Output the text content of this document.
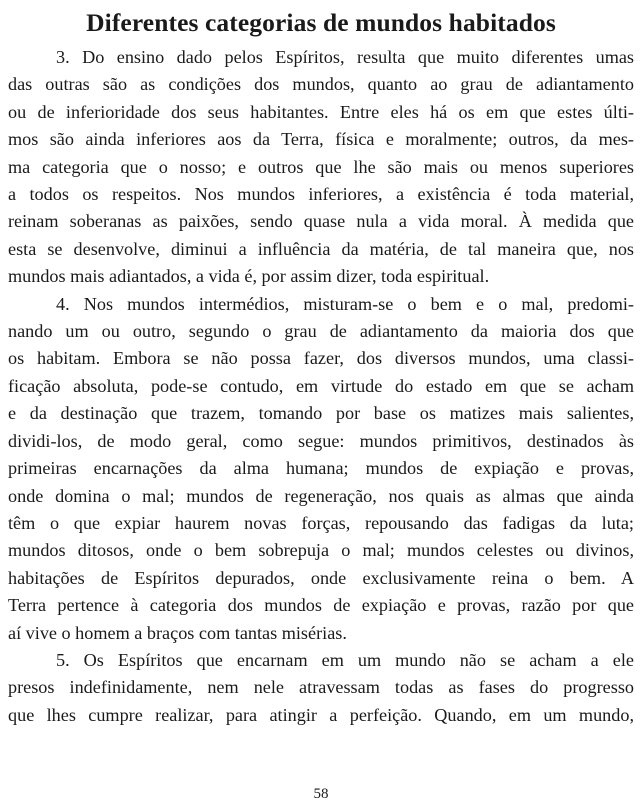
Diferentes categorias de mundos habitados

3. Do ensino dado pelos Espíritos, resulta que muito diferentes umas
das outras são as condições dos mundos, quanto ao grau de adiantamento
ou de inferioridade dos seus habitantes. Entre eles há os em que estes últi-
mos são ainda inferiores aos da Terra, física e moralmente; outros, da mes-
ma categoria que o nosso; e outros que lhe são mais ou menos superiores
a todos os respeitos. Nos mundos inferiores, a existência é toda material,
reinam soberanas as paixões, sendo quase nula a vida moral. À medida que
esta se desenvolve, diminui a influência da matéria, de tal maneira que, nos
mundos mais adiantados, a vida é, por assim dizer, toda espiritual.

4. Nos mundos intermédios, misturam-se o bem e o mal, predomi-
nando um ou outro, segundo o grau de adiantamento da maioria dos que
os habitam. Embora se não possa fazer, dos diversos mundos, uma classi-
ficação absoluta, pode-se contudo, em virtude do estado em que se acham
e da destinação que trazem, tomando por base os matizes mais salientes,
dividi-los, de modo geral, como segue: mundos primitivos, destinados às
primeiras encarnações da alma humana; mundos de expiação e provas,
onde domina o mal; mundos de regeneração, nos quais as almas que ainda
têm o que expiar haurem novas forças, repousando das fadigas da luta;
mundos ditosos, onde o bem sobrepuja o mal; mundos celestes ou divinos,
habitações de Espíritos depurados, onde exclusivamente reina o bem. A
Terra pertence à categoria dos mundos de expiação e provas, razão por que
aí vive o homem a braços com tantas misérias.

5. Os Espíritos que encarnam em um mundo não se acham a ele
presos indefinidamente, nem nele atravessam todas as fases do progresso
que lhes cumpre realizar, para atingir a perfeição. Quando, em um mundo,

58
